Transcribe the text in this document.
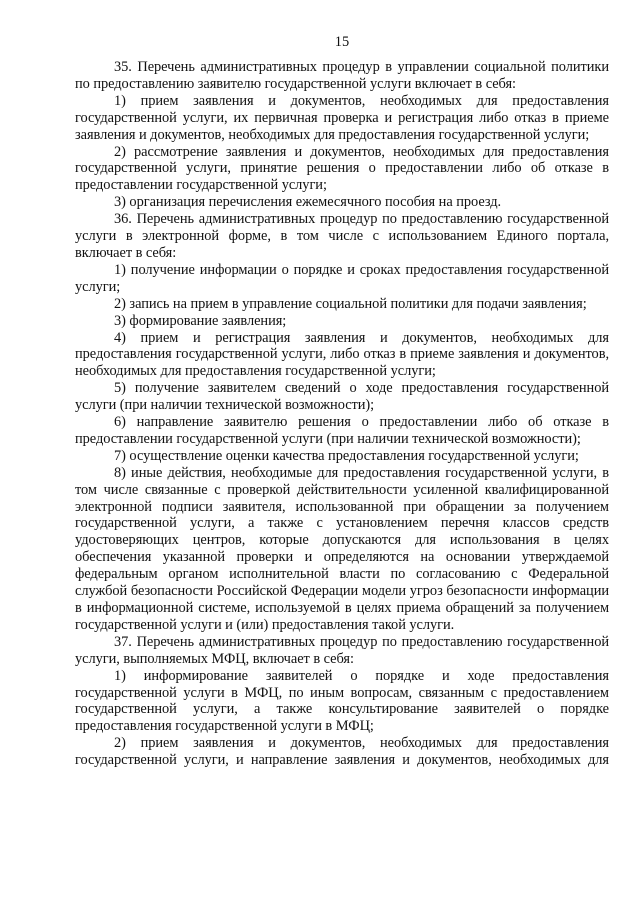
15

35. Перечень административных процедур в управлении социальной политики по предоставлению заявителю государственной услуги включает в себя:

1) прием заявления и документов, необходимых для предоставления государственной услуги, их первичная проверка и регистрация либо отказ в приеме заявления и документов, необходимых для предоставления государственной услуги;

2) рассмотрение заявления и документов, необходимых для предоставления государственной услуги, принятие решения о предоставлении либо об отказе в предоставлении государственной услуги;

3) организация перечисления ежемесячного пособия на проезд.

36. Перечень административных процедур по предоставлению государственной услуги в электронной форме, в том числе с использованием Единого портала, включает в себя:

1) получение информации о порядке и сроках предоставления государственной услуги;

2) запись на прием в управление социальной политики для подачи заявления;

3) формирование заявления;

4) прием и регистрация заявления и документов, необходимых для предоставления государственной услуги, либо отказ в приеме заявления и документов, необходимых для предоставления государственной услуги;

5) получение заявителем сведений о ходе предоставления государственной услуги (при наличии технической возможности);

6) направление заявителю решения о предоставлении либо об отказе в предоставлении государственной услуги (при наличии технической возможности);

7) осуществление оценки качества предоставления государственной услуги;

8) иные действия, необходимые для предоставления государственной услуги, в том числе связанные с проверкой действительности усиленной квалифицированной электронной подписи заявителя, использованной при обращении за получением государственной услуги, а также с установлением перечня классов средств удостоверяющих центров, которые допускаются для использования в целях обеспечения указанной проверки и определяются на основании утверждаемой федеральным органом исполнительной власти по согласованию с Федеральной службой безопасности Российской Федерации модели угроз безопасности информации в информационной системе, используемой в целях приема обращений за получением государственной услуги и (или) предоставления такой услуги.

37. Перечень административных процедур по предоставлению государственной услуги, выполняемых МФЦ, включает в себя:

1) информирование заявителей о порядке и ходе предоставления государственной услуги в МФЦ, по иным вопросам, связанным с предоставлением государственной услуги, а также консультирование заявителей о порядке предоставления государственной услуги в МФЦ;

2) прием заявления и документов, необходимых для предоставления государственной услуги, и направление заявления и документов, необходимых для
